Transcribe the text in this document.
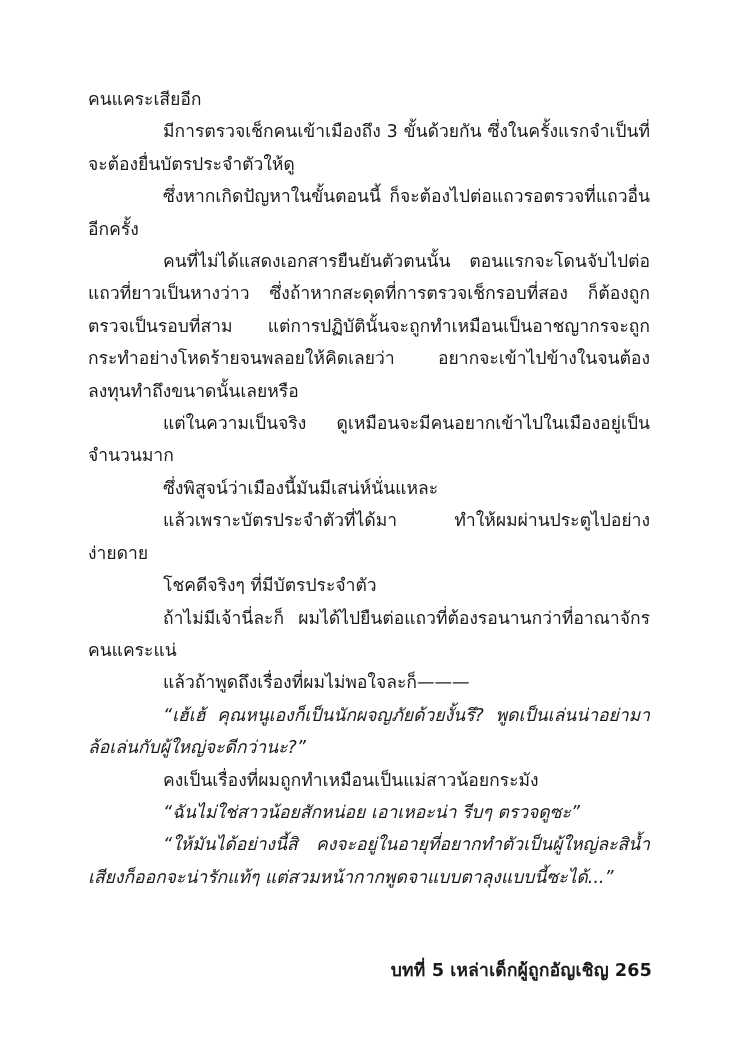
คนแคระเสียอีก

มีการตรวจเช็กคนเข้าเมืองถึง 3 ขั้นด้วยกัน ซึ่งในครั้งแรกจำเป็นที่จะต้องยื่นบัตรประจำตัวให้ดู

ซึ่งหากเกิดปัญหาในขั้นตอนนี้ ก็จะต้องไปต่อแถวรอตรวจที่แถวอื่นอีกครั้ง

คนที่ไม่ได้แสดงเอกสารยืนยันตัวตนนั้น ตอนแรกจะโดนจับไปต่อแถวที่ยาวเป็นหางว่าว ซึ่งถ้าหากสะดุดที่การตรวจเช็กรอบที่สอง ก็ต้องถูกตรวจเป็นรอบที่สาม แต่การปฏิบัตินั้นจะถูกทำเหมือนเป็นอาชญากรจะถูกกระทำอย่างโหดร้ายจนพลอยให้คิดเลยว่า อยากจะเข้าไปข้างในจนต้องลงทุนทำถึงขนาดนั้นเลยหรือ

แต่ในความเป็นจริง ดูเหมือนจะมีคนอยากเข้าไปในเมืองอยู่เป็นจำนวนมาก

ซึ่งพิสูจน์ว่าเมืองนี้มันมีเสน่ห์นั่นแหละ

แล้วเพราะบัตรประจำตัวที่ได้มา ทำให้ผมผ่านประตูไปอย่างง่ายดาย

โชคดีจริงๆ ที่มีบัตรประจำตัว

ถ้าไม่มีเจ้านี่ละก็ ผมได้ไปยืนต่อแถวที่ต้องรอนานกว่าที่อาณาจักรคนแคระแน่

แล้วถ้าพูดถึงเรื่องที่ผมไม่พอใจละก็———

“เฮ้เฮ้ คุณหนูเองก็เป็นนักผจญภัยด้วยงั้นรึ? พูดเป็นเล่นน่าอย่ามาล้อเล่นกับผู้ใหญ่จะดีกว่านะ?”

คงเป็นเรื่องที่ผมถูกทำเหมือนเป็นแม่สาวน้อยกระมัง

“ฉันไม่ใช่สาวน้อยสักหน่อย เอาเหอะน่า รีบๆ ตรวจดูซะ”

“ให้มันได้อย่างนี้สิ คงจะอยู่ในอายุที่อยากทำตัวเป็นผู้ใหญ่ละสิน้ำเสียงก็ออกจะน่ารักแท้ๆ แต่สวมหน้ากากพูดจาแบบตาลุงแบบนี้ซะได้...”

บทที่ 5 เหล่าเด็กผู้ถูกอัญเชิญ 265
